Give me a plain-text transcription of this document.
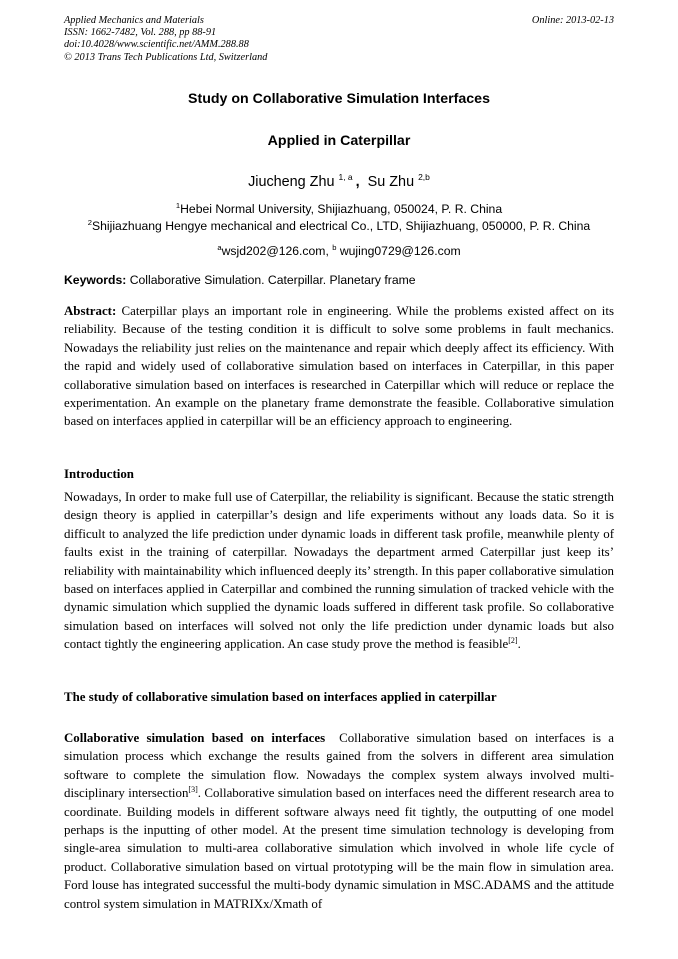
Applied Mechanics and Materials
ISSN: 1662-7482, Vol. 288, pp 88-91
doi:10.4028/www.scientific.net/AMM.288.88
© 2013 Trans Tech Publications Ltd, Switzerland
Online: 2013-02-13
Study on Collaborative Simulation Interfaces
Applied in Caterpillar
Jiucheng Zhu $^{1, a}$ , Su Zhu $^{2,b}$
$^1$Hebei Normal University, Shijiazhuang, 050024, P. R. China
$^2$Shijiazhuang Hengye mechanical and electrical Co., LTD, Shijiazhuang, 050000, P. R. China
$^a$wsjd202@126.com, $^b$ wujing0729@126.com
Keywords: Collaborative Simulation. Caterpillar. Planetary frame
Abstract: Caterpillar plays an important role in engineering. While the problems existed affect on its reliability. Because of the testing condition it is difficult to solve some problems in fault mechanics. Nowadays the reliability just relies on the maintenance and repair which deeply affect its efficiency. With the rapid and widely used of collaborative simulation based on interfaces in Caterpillar, in this paper collaborative simulation based on interfaces is researched in Caterpillar which will reduce or replace the experimentation. An example on the planetary frame demonstrate the feasible. Collaborative simulation based on interfaces applied in caterpillar will be an efficiency approach to engineering.
Introduction
Nowadays, In order to make full use of Caterpillar, the reliability is significant. Because the static strength design theory is applied in caterpillar’s design and life experiments without any loads data. So it is difficult to analyzed the life prediction under dynamic loads in different task profile, meanwhile plenty of faults exist in the training of caterpillar. Nowadays the department armed Caterpillar just keep its’ reliability with maintainability which influenced deeply its’ strength. In this paper collaborative simulation based on interfaces applied in Caterpillar and combined the running simulation of tracked vehicle with the dynamic simulation which supplied the dynamic loads suffered in different task profile. So collaborative simulation based on interfaces will solved not only the life prediction under dynamic loads but also contact tightly the engineering application. An case study prove the method is feasible[2].
The study of collaborative simulation based on interfaces applied in caterpillar
Collaborative simulation based on interfaces Collaborative simulation based on interfaces is a simulation process which exchange the results gained from the solvers in different area simulation software to complete the simulation flow. Nowadays the complex system always involved multi-disciplinary intersection[3]. Collaborative simulation based on interfaces need the different research area to coordinate. Building models in different software always need fit tightly, the outputting of one model perhaps is the inputting of other model. At the present time simulation technology is developing from single-area simulation to multi-area collaborative simulation which involved in whole life cycle of product. Collaborative simulation based on virtual prototyping will be the main flow in simulation area. Ford louse has integrated successful the multi-body dynamic simulation in MSC.ADAMS and the attitude control system simulation in MATRIXx/Xmath of
